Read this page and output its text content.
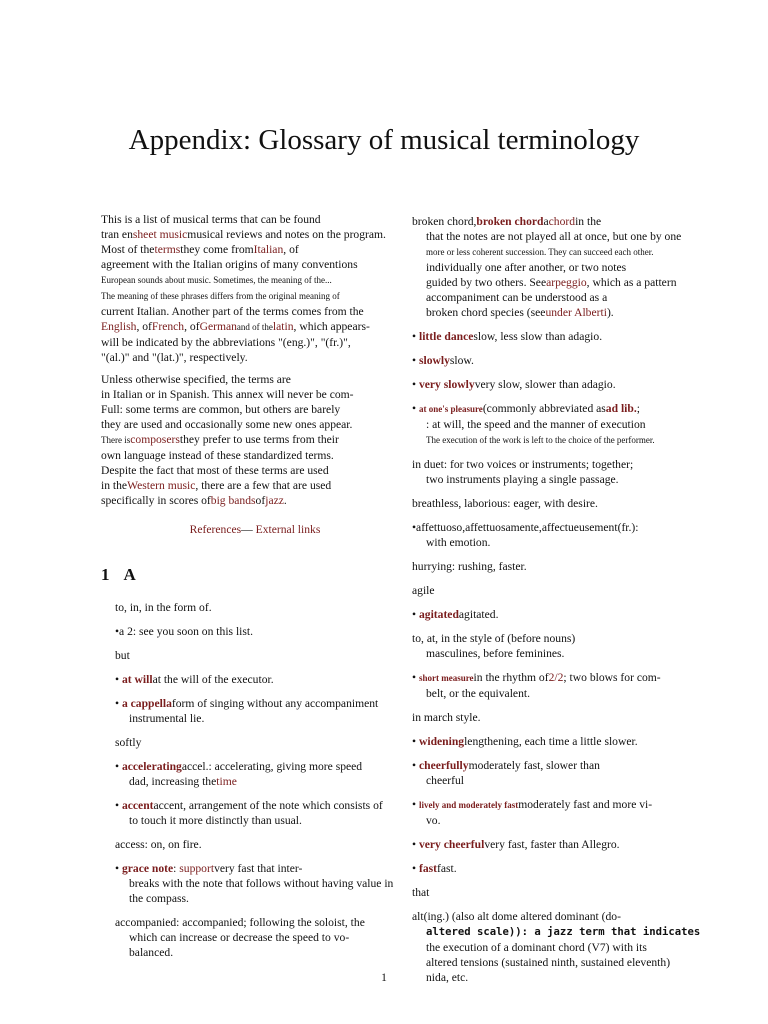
Appendix: Glossary of musical terminology
This is a list of musical terms that can be found
tran ensheet musicmusical reviews and notes on the program.
Most of thetermsthey come fromItalian, of
agreement with the Italian origins of many conventions
European sounds about music. Sometimes, the meaning of the...
The meaning of these phrases differs from the original meaning of
current Italian. Another part of the terms comes from the
English, ofFrench, ofGermanand of thelatin, which appears-
will be indicated by the abbreviations "(eng.)", "(fr.)",
"(al.)" and "(lat.)", respectively.
Unless otherwise specified, the terms are
in Italian or in Spanish. This annex will never be com-
Full: some terms are common, but others are barely
they are used and occasionally some new ones appear.
There iscomposersthey prefer to use terms from their
own language instead of these standardized terms.
Despite the fact that most of these terms are used
in theWestern music, there are a few that are used
specifically in scores ofbig bandsofjazz.
References— External links
1 A
to, in, in the form of.
•a 2: see you soon on this list.
but
• at willat the will of the executor.
• a cappellaform of singing without any accompaniment
instrumental lie.
softly
• acceleratingaccel.: accelerating, giving more speed
dad, increasing thetime
• accentaccent, arrangement of the note which consists of
to touch it more distinctly than usual.
access: on, on fire.
• grace note: supportvery fast that inter-
breaks with the note that follows without having value in
the compass.
accompanied: accompanied; following the soloist, the
which can increase or decrease the speed to vo-
balanced.
broken chord,broken chordachordin the
that the notes are not played all at once, but one by one
more or less coherent succession. They can succeed each other.
individually one after another, or two notes
guided by two others. Seearpeggio, which as a pattern
accompaniment can be understood as a
broken chord species (seeunder Alberti).
• little danceslow, less slow than adagio.
• slowlyslow.
• very slowlyvery slow, slower than adagio.
• at one's pleasure(commonly abbreviated asad lib.;
: at will, the speed and the manner of execution
The execution of the work is left to the choice of the performer.
in duet: for two voices or instruments; together;
two instruments playing a single passage.
breathless, laborious: eager, with desire.
•affettuoso,affettuosamente,affectueusement(fr.):
with emotion.
hurrying: rushing, faster.
agile
• agitatedagitated.
to, at, in the style of (before nouns)
masculines, before feminines.
• short measurein the rhythm of2/2; two blows for com-
belt, or the equivalent.
in march style.
• wideninglengthening, each time a little slower.
• cheerfullymoderately fast, slower than
cheerful
• lively and moderately fastmoderately fast and more vi-
vo.
• very cheerfulvery fast, faster than Allegro.
• fastfast.
that
alt(ing.) (also alt dome altered dominant (do-
altered scale)): a jazz term that indicates
the execution of a dominant chord (V7) with its
altered tensions (sustained ninth, sustained eleventh)
nida, etc.
1
